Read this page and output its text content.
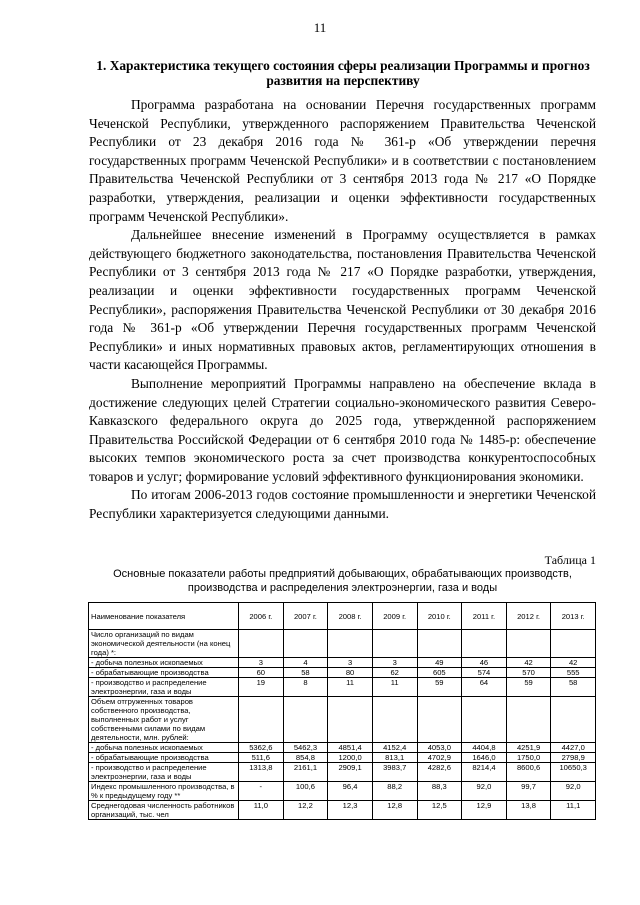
11
1. Характеристика текущего состояния сферы реализации Программы и прогноз развития на перспективу

Программа разработана на основании Перечня государственных программ Чеченской Республики, утвержденного распоряжением Правительства Чеченской Республики от 23 декабря 2016 года № 361-р «Об утверждении перечня государственных программ Чеченской Республики» и в соответствии с постановлением Правительства Чеченской Республики от 3 сентября 2013 года № 217 «О Порядке разработки, утверждения, реализации и оценки эффективности государственных программ Чеченской Республики».

Дальнейшее внесение изменений в Программу осуществляется в рамках действующего бюджетного законодательства, постановления Правительства Чеченской Республики от 3 сентября 2013 года № 217 «О Порядке разработки, утверждения, реализации и оценки эффективности государственных программ Чеченской Республики», распоряжения Правительства Чеченской Республики от 30 декабря 2016 года № 361-р «Об утверждении Перечня государственных программ Чеченской Республики» и иных нормативных правовых актов, регламентирующих отношения в части касающейся Программы.

Выполнение мероприятий Программы направлено на обеспечение вклада в достижение следующих целей Стратегии социально-экономического развития Северо-Кавказского федерального округа до 2025 года, утвержденной распоряжением Правительства Российской Федерации от 6 сентября 2010 года № 1485-р: обеспечение высоких темпов экономического роста за счет производства конкурентоспособных товаров и услуг; формирование условий эффективного функционирования экономики.

По итогам 2006-2013 годов состояние промышленности и энергетики Чеченской Республики характеризуется следующими данными.

Таблица 1
Основные показатели работы предприятий добывающих, обрабатывающих производств, производства и распределения электроэнергии, газа и воды
Наименование показателя	2006 г.	2007 г.	2008 г.	2009 г.	2010 г.	2011 г.	2012 г.	2013 г.
Число организаций по видам экономической деятельности (на конец года) *:								
- добыча полезных ископаемых	3	4	3	3	49	46	42	42
- обрабатывающие производства	60	58	80	62	605	574	570	555
- производство и распределение электроэнергии, газа и воды	19	8	11	11	59	64	59	58
Объем отгруженных товаров собственного производства, выполненных работ и услуг собственными силами по видам деятельности, млн. рублей:								
- добыча полезных ископаемых	5362,6	5462,3	4851,4	4152,4	4053,0	4404,8	4251,9	4427,0
- обрабатывающие производства	511,6	854,8	1200,0	813,1	4702,9	1646,0	1750,0	2798,9
- производство и распределение электроэнергии, газа и воды	1313,8	2161,1	2909,1	3983,7	4282,6	8214,4	8600,6	10650,3
Индекс промышленного производства, в % к предыдущему году **	-	100,6	96,4	88,2	88,3	92,0	99,7	92,0
Среднегодовая численность работников организаций, тыс. чел	11,0	12,2	12,3	12,8	12,5	12,9	13,8	11,1
